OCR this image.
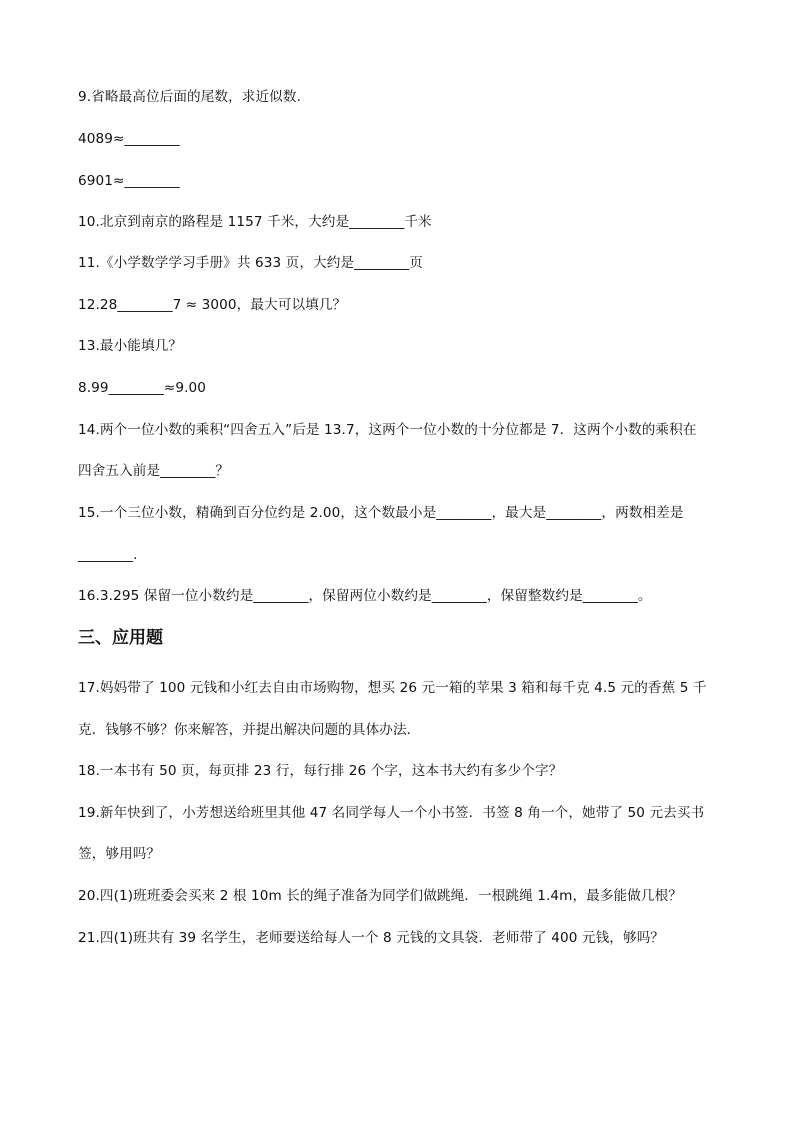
9.省略最高位后面的尾数，求近似数.
4089≈________
6901≈________
10.北京到南京的路程是 1157 千米，大约是________千米
11.《小学数学学习手册》共 633 页，大约是________页
12.28________7 ≈ 3000，最大可以填几？
13.最小能填几？
8.99________≈9.00
14.两个一位小数的乘积“四舍五入”后是 13.7，这两个一位小数的十分位都是 7．这两个小数的乘积在
四舍五入前是________？
15.一个三位小数，精确到百分位约是 2.00，这个数最小是________，最大是________，两数相差是
________.
16.3.295 保留一位小数约是________，保留两位小数约是________，保留整数约是________。
三、应用题
17.妈妈带了 100 元钱和小红去自由市场购物，想买 26 元一箱的苹果 3 箱和每千克 4.5 元的香蕉 5 千
克．钱够不够？你来解答，并提出解决问题的具体办法．
18.一本书有 50 页，每页排 23 行，每行排 26 个字，这本书大约有多少个字？
19.新年快到了，小芳想送给班里其他 47 名同学每人一个小书签．书签 8 角一个，她带了 50 元去买书
签，够用吗？
20.四(1)班班委会买来 2 根 10m 长的绳子准备为同学们做跳绳．一根跳绳 1.4m，最多能做几根？
21.四(1)班共有 39 名学生，老师要送给每人一个 8 元钱的文具袋．老师带了 400 元钱，够吗？
